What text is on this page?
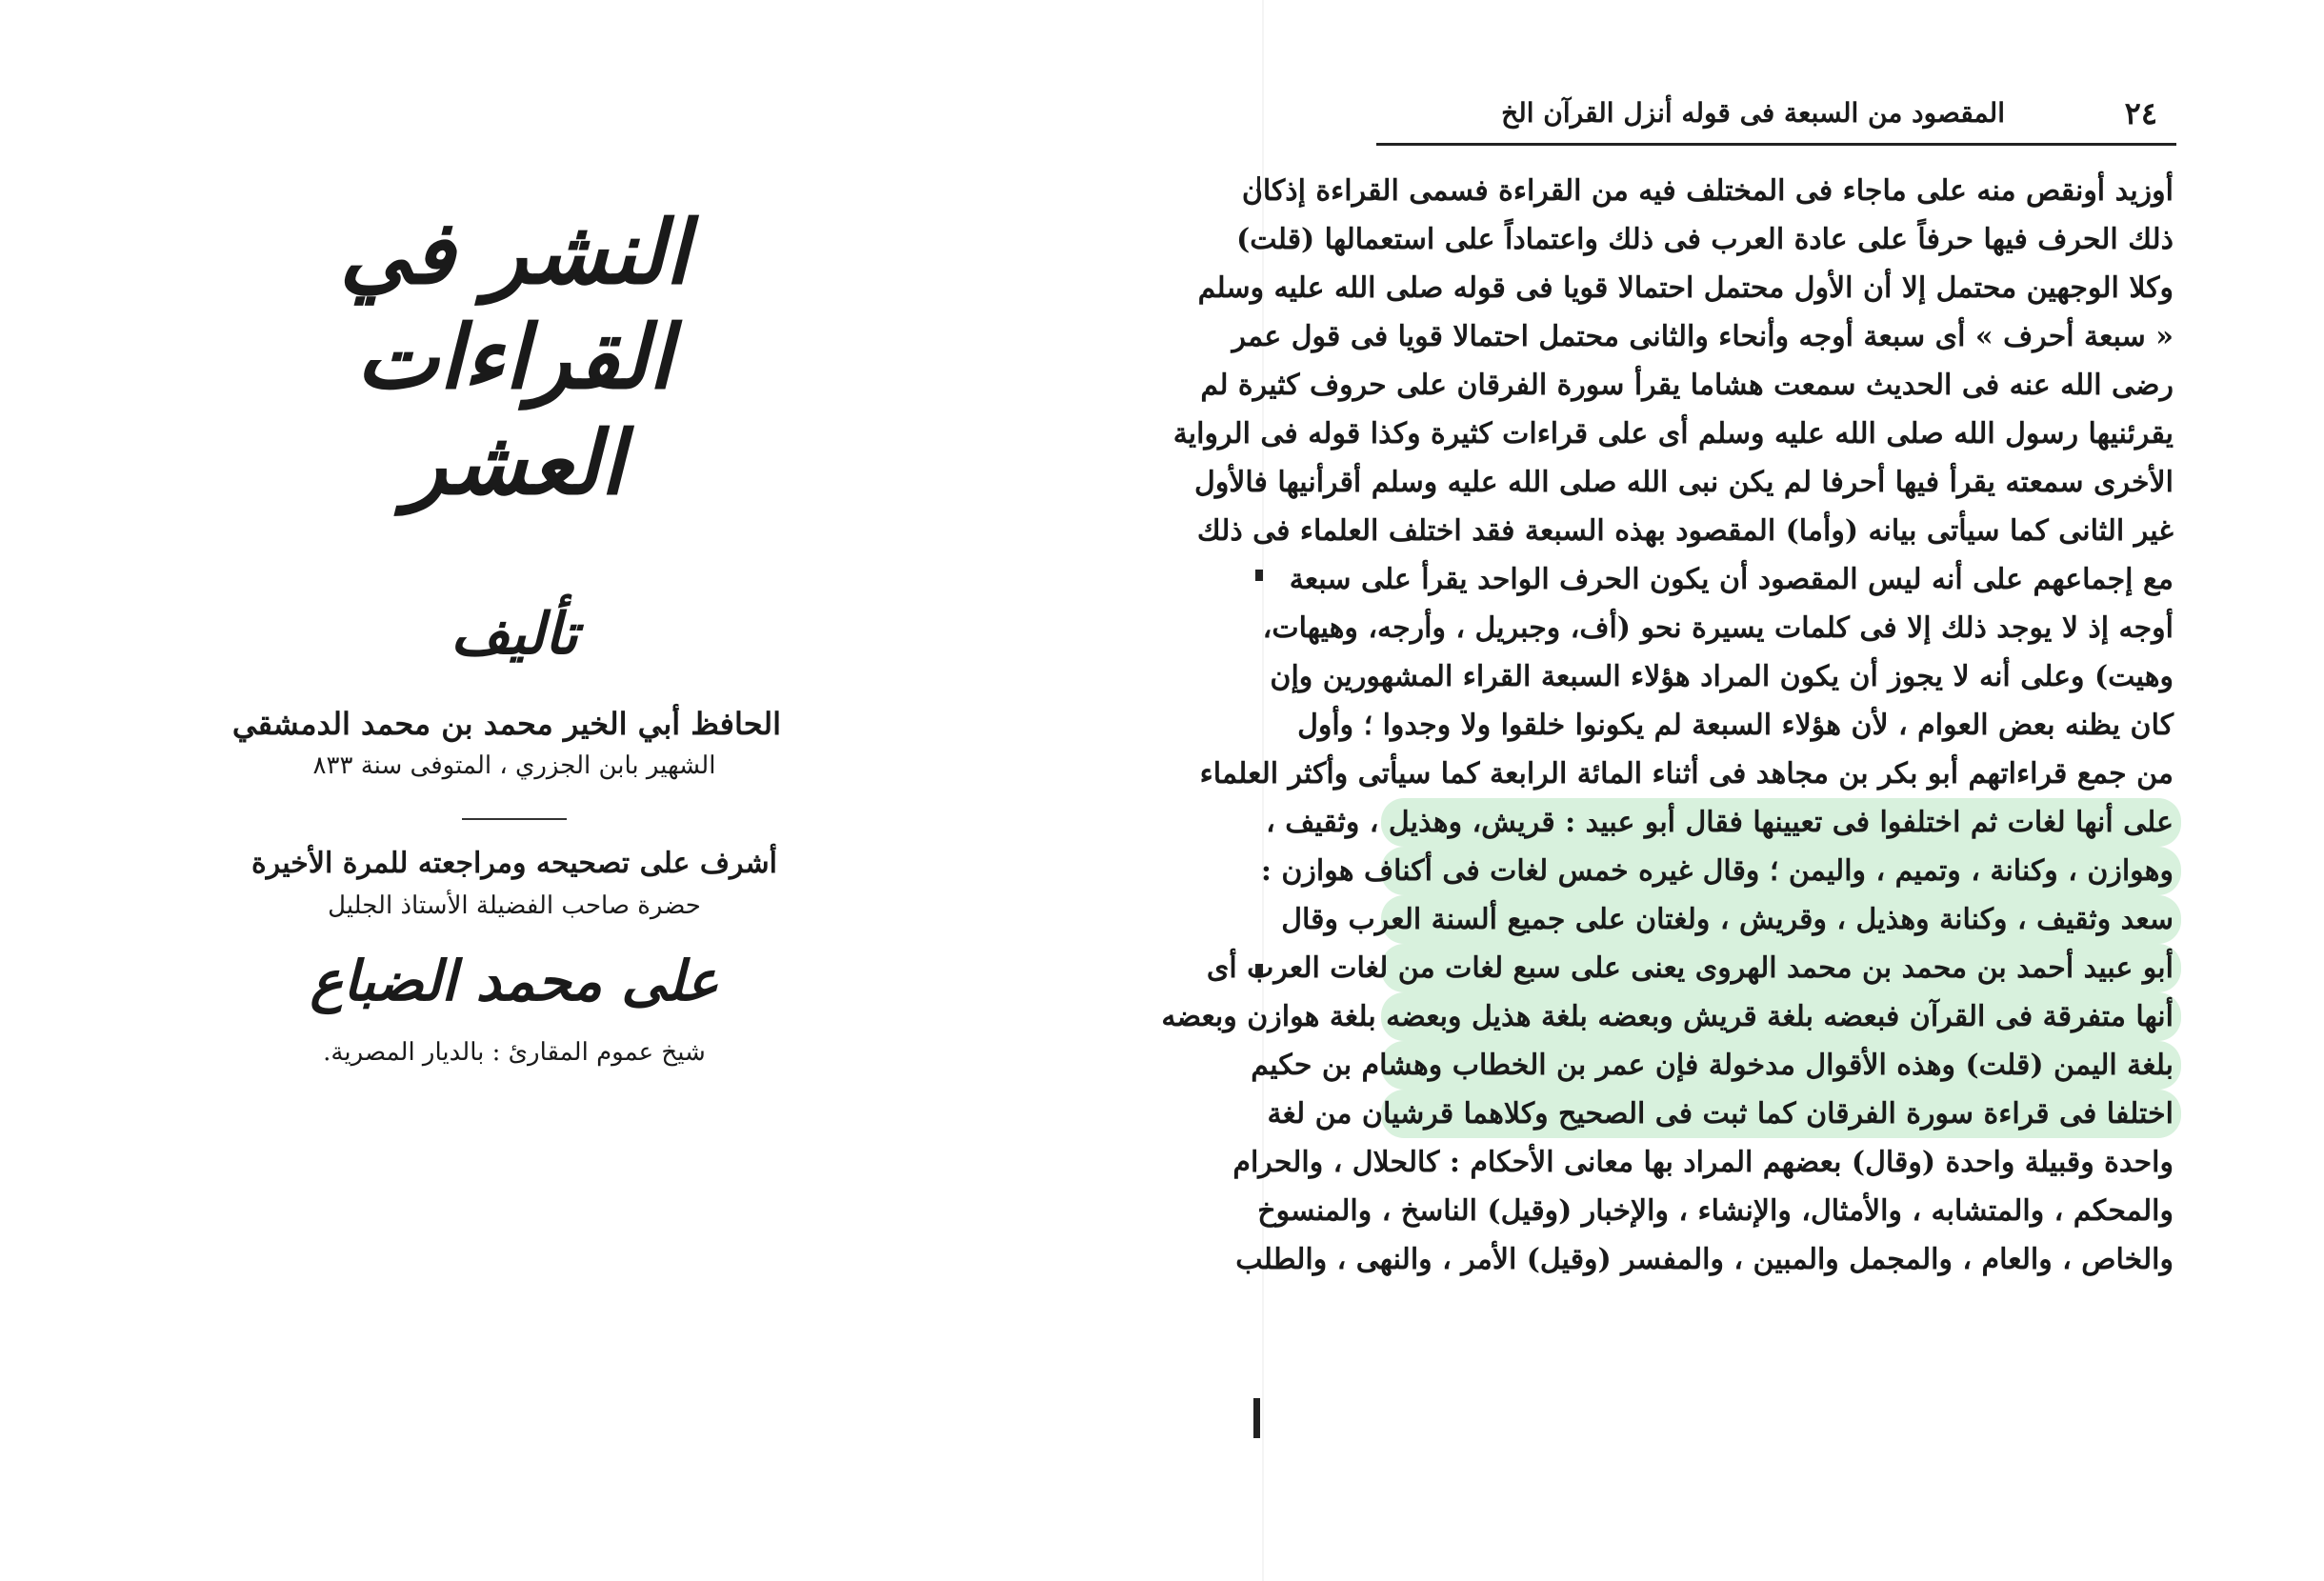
النشر في القراءات العشر
تأليف
الحافظ أبي الخير محمد بن محمد الدمشقي
الشهير بابن الجزري ، المتوفى سنة ٨٣٣
أشرف على تصحيحه ومراجعته للمرة الأخيرة
حضرة صاحب الفضيلة الأستاذ الجليل
على محمد الضباع
شيخ عموم المقارئ : بالديار المصرية.
٢٤
المقصود من السبعة فى قوله أنزل القرآن الخ
أوزيد أونقص منه على ماجاء فى المختلف فيه من القراءة فسمى القراءة إذكان
ذلك الحرف فيها حرفاً على عادة العرب فى ذلك واعتماداً على استعمالها (قلت)
وكلا الوجهين محتمل إلا أن الأول محتمل احتمالا قويا فى قوله صلى الله عليه وسلم
« سبعة أحرف » أى سبعة أوجه وأنحاء والثانى محتمل احتمالا قويا فى قول عمر
رضى الله عنه فى الحديث سمعت هشاما يقرأ سورة الفرقان على حروف كثيرة لم
يقرئنيها رسول الله صلى الله عليه وسلم أى على قراءات كثيرة وكذا قوله فى الرواية
الأخرى سمعته يقرأ فيها أحرفا لم يكن نبى الله صلى الله عليه وسلم أقرأنيها فالأول
غير الثانى كما سيأتى بيانه (وأما) المقصود بهذه السبعة فقد اختلف العلماء فى ذلك
مع إجماعهم على أنه ليس المقصود أن يكون الحرف الواحد يقرأ على سبعة
أوجه إذ لا يوجد ذلك إلا فى كلمات يسيرة نحو (أف، وجبريل ، وأرجه، وهيهات،
وهيت) وعلى أنه لا يجوز أن يكون المراد هؤلاء السبعة القراء المشهورين وإن
كان يظنه بعض العوام ، لأن هؤلاء السبعة لم يكونوا خلقوا ولا وجدوا ؛ وأول
من جمع قراءاتهم أبو بكر بن مجاهد فى أثناء المائة الرابعة كما سيأتى وأكثر العلماء
على أنها لغات ثم اختلفوا فى تعيينها فقال أبو عبيد : قريش، وهذيل ، وثقيف ،
وهوازن ، وكنانة ، وتميم ، واليمن ؛ وقال غيره خمس لغات فى أكناف هوازن :
سعد وثقيف ، وكنانة وهذيل ، وقريش ، ولغتان على جميع ألسنة العرب وقال
أبو عبيد أحمد بن محمد بن محمد الهروى يعنى على سبع لغات من لغات العرب أى
أنها متفرقة فى القرآن فبعضه بلغة قريش وبعضه بلغة هذيل وبعضه بلغة هوازن وبعضه
بلغة اليمن (قلت) وهذه الأقوال مدخولة فإن عمر بن الخطاب وهشام بن حكيم
اختلفا فى قراءة سورة الفرقان كما ثبت فى الصحيح وكلاهما قرشيان من لغة
واحدة وقبيلة واحدة (وقال) بعضهم المراد بها معانى الأحكام : كالحلال ، والحرام
والمحكم ، والمتشابه ، والأمثال، والإنشاء ، والإخبار (وقيل) الناسخ ، والمنسوخ
والخاص ، والعام ، والمجمل والمبين ، والمفسر (وقيل) الأمر ، والنهى ، والطلب
